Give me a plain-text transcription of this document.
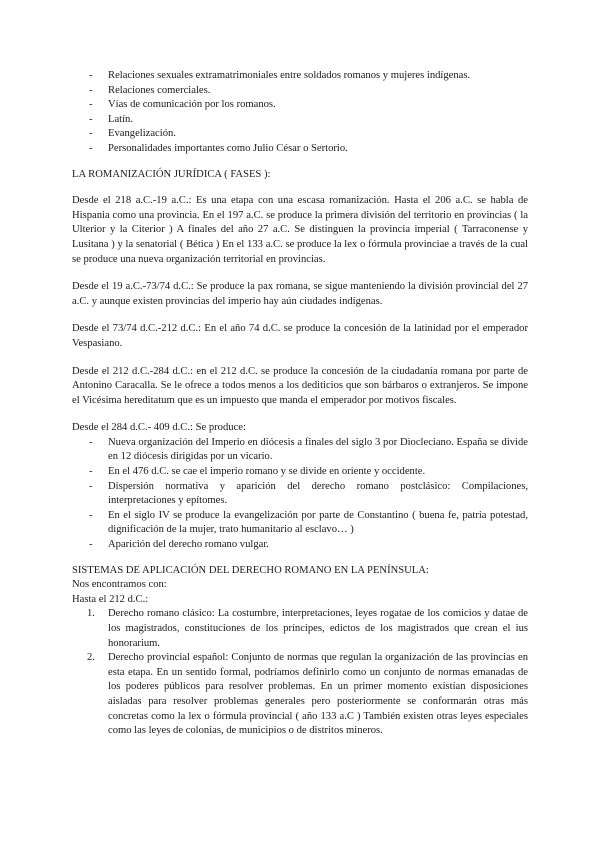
- Relaciones sexuales extramatrimoniales entre soldados romanos y mujeres indígenas.
- Relaciones comerciales.
- Vías de comunicación por los romanos.
- Latín.
- Evangelización.
- Personalidades importantes como Julio César o Sertorio.
LA ROMANIZACIÓN JURÍDICA ( FASES ):

Desde el 218 a.C.-19 a.C.: Es una etapa con una escasa romanización. Hasta el 206 a.C. se habla de Hispania como una provincia. En el 197 a.C. se produce la primera división del territorio en provincias ( la Ulterior y la Citerior ) A finales del año 27 a.C. Se distinguen la provincia imperial ( Tarraconense y Lusitana ) y la senatorial ( Bética ) En el 133 a.C. se produce la lex o fórmula provinciae a través de la cual se produce una nueva organización territorial en provincias.

Desde el 19 a.C.-73/74 d.C.: Se produce la pax romana, se sigue manteniendo la división provincial del 27 a.C. y aunque existen provincias del imperio hay aún ciudades indígenas.

Desde el 73/74 d.C.-212 d.C.: En el año 74 d.C. se produce la concesión de la latinidad por el emperador Vespasiano.

Desde el 212 d.C.-284 d.C.: en el 212 d.C. se produce la concesión de la ciudadanía romana por parte de Antonino Caracalla. Se le ofrece a todos menos a los dediticios que son bárbaros o extranjeros. Se impone el Vicésima hereditatum que es un impuesto que manda el emperador por motivos fiscales.

Desde el 284 d.C.- 409 d.C.: Se produce:
- Nueva organización del Imperio en diócesis a finales del siglo 3 por Diocleciano. España se divide en 12 diócesis dirigidas por un vicario.
- En el 476 d.C. se cae el imperio romano y se divide en oriente y occidente.
- Dispersión normativa y aparición del derecho romano postclásico: Compilaciones, interpretaciones y epítomes.
- En el siglo IV se produce la evangelización por parte de Constantino ( buena fe, patria potestad, dignificación de la mujer, trato humanitario al esclavo… )
- Aparición del derecho romano vulgar.
SISTEMAS DE APLICACIÓN DEL DERECHO ROMANO EN LA PENÍNSULA:
Nos encontramos con:
Hasta el 212 d.C.:
1. Derecho romano clásico: La costumbre, interpretaciones, leyes rogatae de los comicios y datae de los magistrados, constituciones de los príncipes, edictos de los magistrados que crean el ius honorarium.
2. Derecho provincial español: Conjunto de normas que regulan la organización de las provincias en esta etapa. En un sentido formal, podríamos definirlo como un conjunto de normas emanadas de los poderes públicos para resolver problemas. En un primer momento existían disposiciones aisladas para resolver problemas generales pero posteriormente se conformarán otras más concretas como la lex o fórmula provincial ( año 133 a.C ) También existen otras leyes especiales como las leyes de colonias, de municipios o de distritos mineros.
